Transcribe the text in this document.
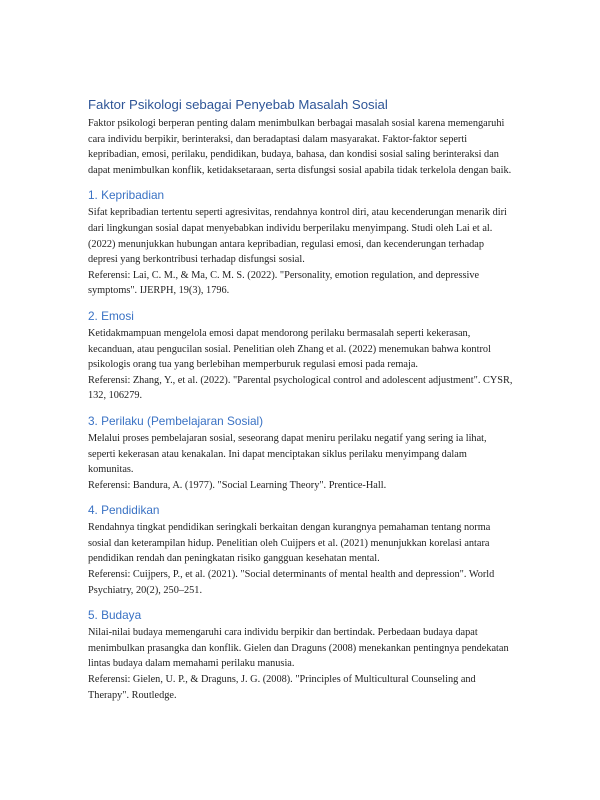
Faktor Psikologi sebagai Penyebab Masalah Sosial

Faktor psikologi berperan penting dalam menimbulkan berbagai masalah sosial karena memengaruhi cara individu berpikir, berinteraksi, dan beradaptasi dalam masyarakat. Faktor-faktor seperti kepribadian, emosi, perilaku, pendidikan, budaya, bahasa, dan kondisi sosial saling berinteraksi dan dapat menimbulkan konflik, ketidaksetaraan, serta disfungsi sosial apabila tidak terkelola dengan baik.

1. Kepribadian

Sifat kepribadian tertentu seperti agresivitas, rendahnya kontrol diri, atau kecenderungan menarik diri dari lingkungan sosial dapat menyebabkan individu berperilaku menyimpang. Studi oleh Lai et al. (2022) menunjukkan hubungan antara kepribadian, regulasi emosi, dan kecenderungan terhadap depresi yang berkontribusi terhadap disfungsi sosial.

Referensi: Lai, C. M., & Ma, C. M. S. (2022). "Personality, emotion regulation, and depressive symptoms". IJERPH, 19(3), 1796.

2. Emosi

Ketidakmampuan mengelola emosi dapat mendorong perilaku bermasalah seperti kekerasan, kecanduan, atau pengucilan sosial. Penelitian oleh Zhang et al. (2022) menemukan bahwa kontrol psikologis orang tua yang berlebihan memperburuk regulasi emosi pada remaja.

Referensi: Zhang, Y., et al. (2022). "Parental psychological control and adolescent adjustment". CYSR, 132, 106279.

3. Perilaku (Pembelajaran Sosial)

Melalui proses pembelajaran sosial, seseorang dapat meniru perilaku negatif yang sering ia lihat, seperti kekerasan atau kenakalan. Ini dapat menciptakan siklus perilaku menyimpang dalam komunitas.

Referensi: Bandura, A. (1977). "Social Learning Theory". Prentice-Hall.

4. Pendidikan

Rendahnya tingkat pendidikan seringkali berkaitan dengan kurangnya pemahaman tentang norma sosial dan keterampilan hidup. Penelitian oleh Cuijpers et al. (2021) menunjukkan korelasi antara pendidikan rendah dan peningkatan risiko gangguan kesehatan mental.

Referensi: Cuijpers, P., et al. (2021). "Social determinants of mental health and depression". World Psychiatry, 20(2), 250–251.

5. Budaya

Nilai-nilai budaya memengaruhi cara individu berpikir dan bertindak. Perbedaan budaya dapat menimbulkan prasangka dan konflik. Gielen dan Draguns (2008) menekankan pentingnya pendekatan lintas budaya dalam memahami perilaku manusia.

Referensi: Gielen, U. P., & Draguns, J. G. (2008). "Principles of Multicultural Counseling and Therapy". Routledge.
